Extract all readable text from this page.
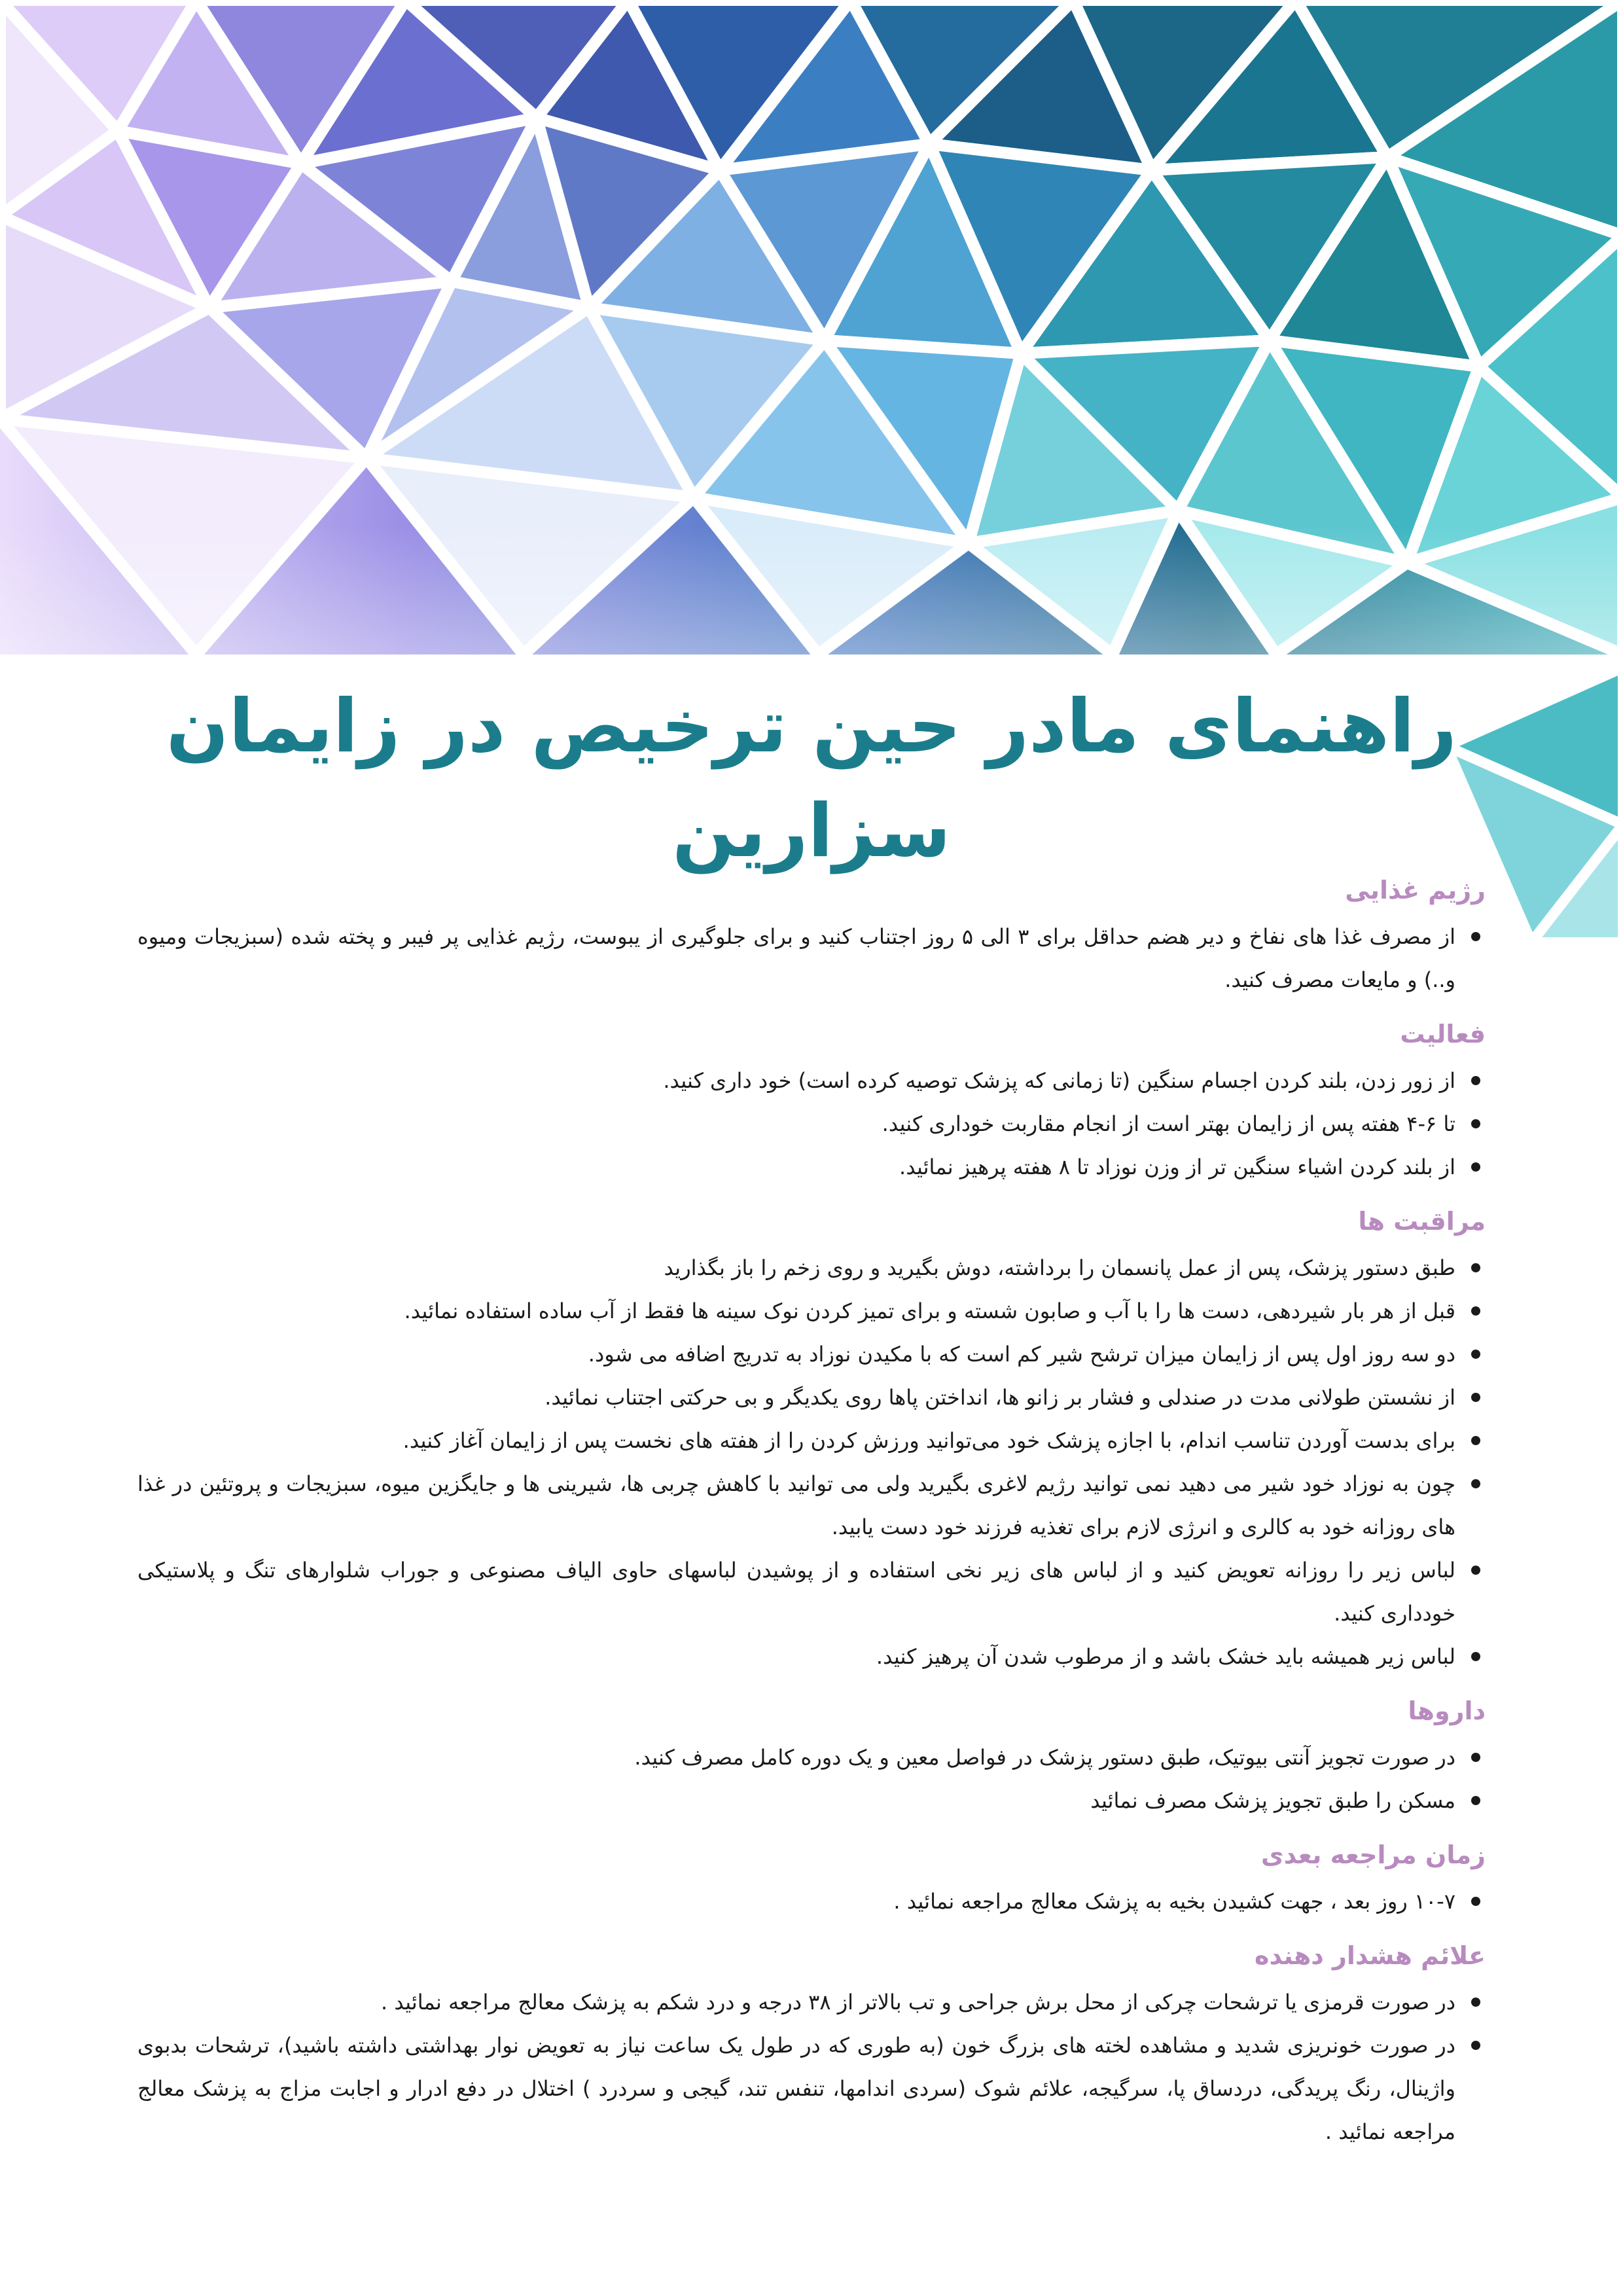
راهنمای مادر حین ترخیص در زایمان سزارین
رژیم غذایی
از مصرف غذا های نفاخ و دیر هضم حداقل برای ۳ الی ۵ روز اجتناب کنید و برای جلوگیری از یبوست، رژیم غذایی پر فیبر و پخته شده (سبزیجات ومیوه و..) و مایعات مصرف کنید.
فعالیت
از زور زدن، بلند کردن اجسام سنگین (تا زمانی که پزشک توصیه کرده است) خود داری کنید.
تا ۶-۴ هفته پس از زایمان بهتر است از انجام مقاربت خوداری کنید.
از بلند کردن اشیاء سنگین تر از وزن نوزاد تا ۸ هفته پرهیز نمائید.
مراقبت ها
طبق دستور پزشک، پس از عمل پانسمان را برداشته، دوش بگیرید و روی زخم را باز بگذارید
قبل از هر بار شیردهی، دست ها را با آب و صابون شسته و برای تمیز کردن نوک سینه ها فقط از آب ساده استفاده نمائید.
دو سه روز اول پس از زایمان میزان ترشح شیر کم است که با مکیدن نوزاد به تدریج اضافه می شود.
از نشستن طولانی مدت در صندلی و فشار بر زانو ها، انداختن پاها روی یکدیگر و بی حرکتی اجتناب نمائید.
برای بدست آوردن تناسب اندام، با اجازه پزشک خود می‌توانید ورزش کردن را از هفته های نخست پس از زایمان آغاز کنید.
چون به نوزاد خود شیر می دهید نمی توانید رژیم لاغری بگیرید ولی می توانید با کاهش چربی ها، شیرینی ها و جایگزین میوه، سبزیجات و پروتئین در غذا های روزانه خود به کالری و انرژی لازم برای تغذیه فرزند خود دست یابید.
لباس زیر را روزانه تعویض کنید و از لباس های زیر نخی استفاده و از پوشیدن لباسهای حاوی الیاف مصنوعی و جوراب شلوارهای تنگ و پلاستیکی خودداری کنید.
لباس زیر همیشه باید خشک باشد و از مرطوب شدن آن پرهیز کنید.
داروها
در صورت تجویز آنتی بیوتیک، طبق دستور پزشک در فواصل معین و یک دوره کامل مصرف کنید.
مسکن را طبق تجویز پزشک مصرف نمائید
زمان مراجعه بعدی
۱۰-۷ روز بعد ، جهت کشیدن بخیه به پزشک معالج مراجعه نمائید .
علائم هشدار دهنده
در صورت قرمزی یا ترشحات چرکی از محل برش جراحی و تب بالاتر از ۳۸ درجه و درد شکم به پزشک معالج مراجعه نمائید .
در صورت خونریزی شدید و مشاهده لخته های بزرگ خون (به طوری که در طول یک ساعت نیاز به تعویض نوار بهداشتی داشته باشید)، ترشحات بدبوی واژینال، رنگ پریدگی، دردساق پا، سرگیجه، علائم شوک (سردی اندامها، تنفس تند، گیجی و سردرد ) اختلال در دفع ادرار و اجابت مزاج به پزشک معالج مراجعه نمائید .
